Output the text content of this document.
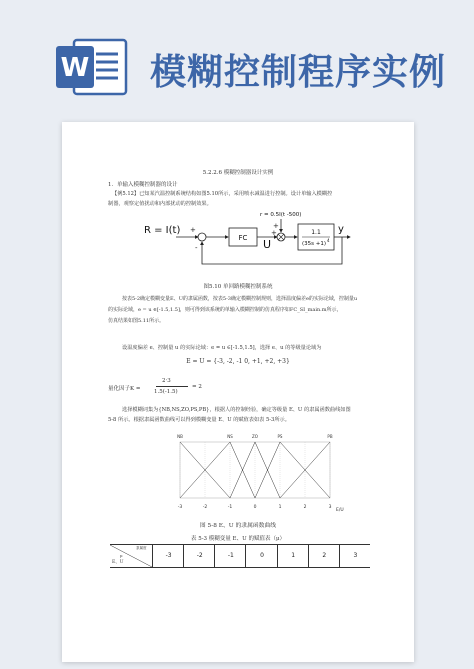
W 模糊控制程序实例
5.2.2.6 模糊控制器设计实例
1．单输入模糊控制器的设计
【例5.12】已知某汽温控制系统结构如图5.10所示，采用喷水减温进行控制。设计单输入模糊控
制器，观察定值扰动和内部扰动的控制效果。
R = I(t) +
-
FC U
r = 0.5I(t -500)
+
+	1.1
(35s +1)
4
y
图5.10 单回路模糊控制系统
按表5-2确定模糊变量E、U的隶属函数，按表5-3确定模糊控制规则，选择温度偏差e的实际论域，控制量u
的实际论域，e = u ∈[-1.5,1.5]，则可得到该系统的单输入模糊控制的仿真程序如FC_SI_main.m所示，
仿真结果如图5.11所示。
设温度偏差 e、控制量 u 的实际论域：e = u ∈[-1.5,1.5]，选择 e、u 的等级量论域为
E = U = {-3, -2, -1 0, +1, +2, +3}
量化因子K =
2·3
1.5(-1.5)
= 2
选择模糊词集为{NB,NS,ZO,PS,PB}，根据人的控制经验，确定等级量 E、U 的隶属函数曲线如图
5-8 所示。根据隶属函数曲线可以得到模糊变量 E、U 的赋值表如表 5-3所示。
NB	NS	ZO	PS	PB
-3	-2	-1	0	1	2	3
E/U
图 5-8 E、U 的隶属函数曲线
表 5-3 模糊变量 E、U 的赋值表（μ）
隶属度
μ
E、U
-3	-2	-1	0	1	2	3
